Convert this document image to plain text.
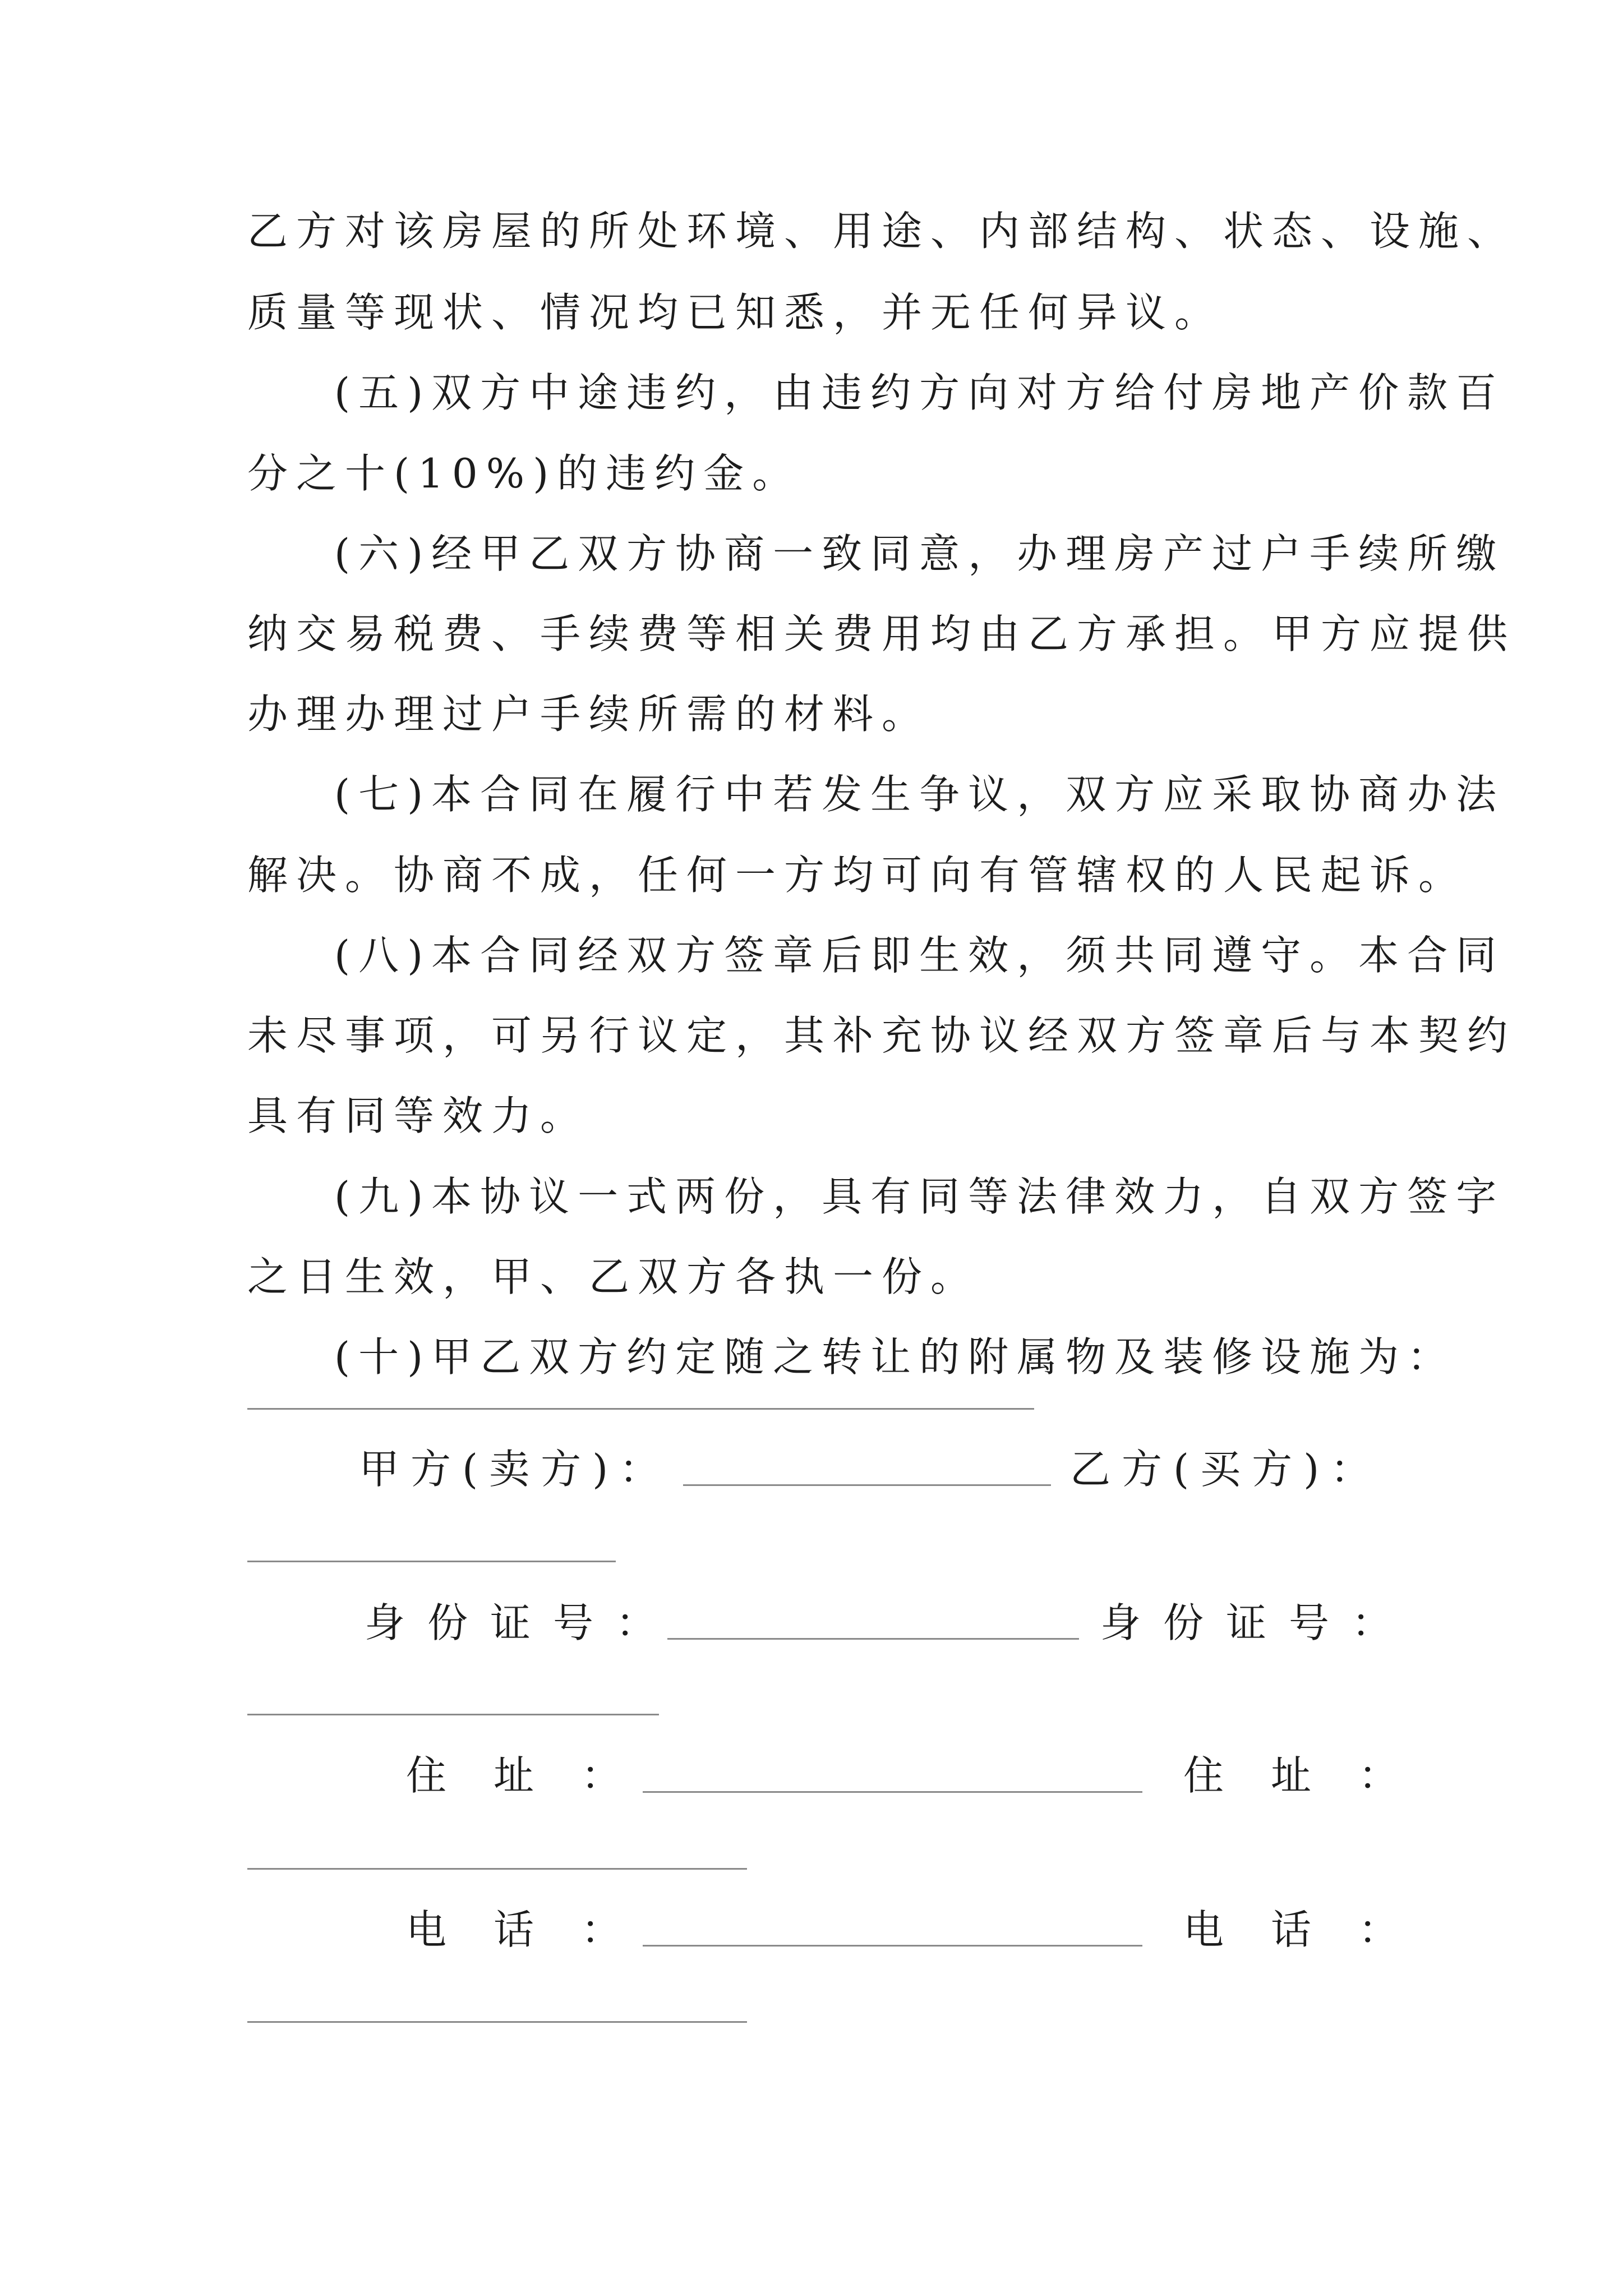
乙方对该房屋的所处环境、用途、内部结构、状态、设施、
质量等现状、情况均已知悉，并无任何异议。
(五)双方中途违约，由违约方向对方给付房地产价款百
分之十(10%)的违约金。
(六)经甲乙双方协商一致同意，办理房产过户手续所缴
纳交易税费、手续费等相关费用均由乙方承担。甲方应提供
办理办理过户手续所需的材料。
(七)本合同在履行中若发生争议，双方应采取协商办法
解决。协商不成，任何一方均可向有管辖权的人民起诉。
(八)本合同经双方签章后即生效，须共同遵守。本合同
未尽事项，可另行议定，其补充协议经双方签章后与本契约
具有同等效力。
(九)本协议一式两份，具有同等法律效力，自双方签字
之日生效，甲、乙双方各执一份。
(十)甲乙双方约定随之转让的附属物及装修设施为：
甲方(卖方)：	乙方(买方)：
身份证号：	身份证号：
住址：	住址：
电话：	电话：
